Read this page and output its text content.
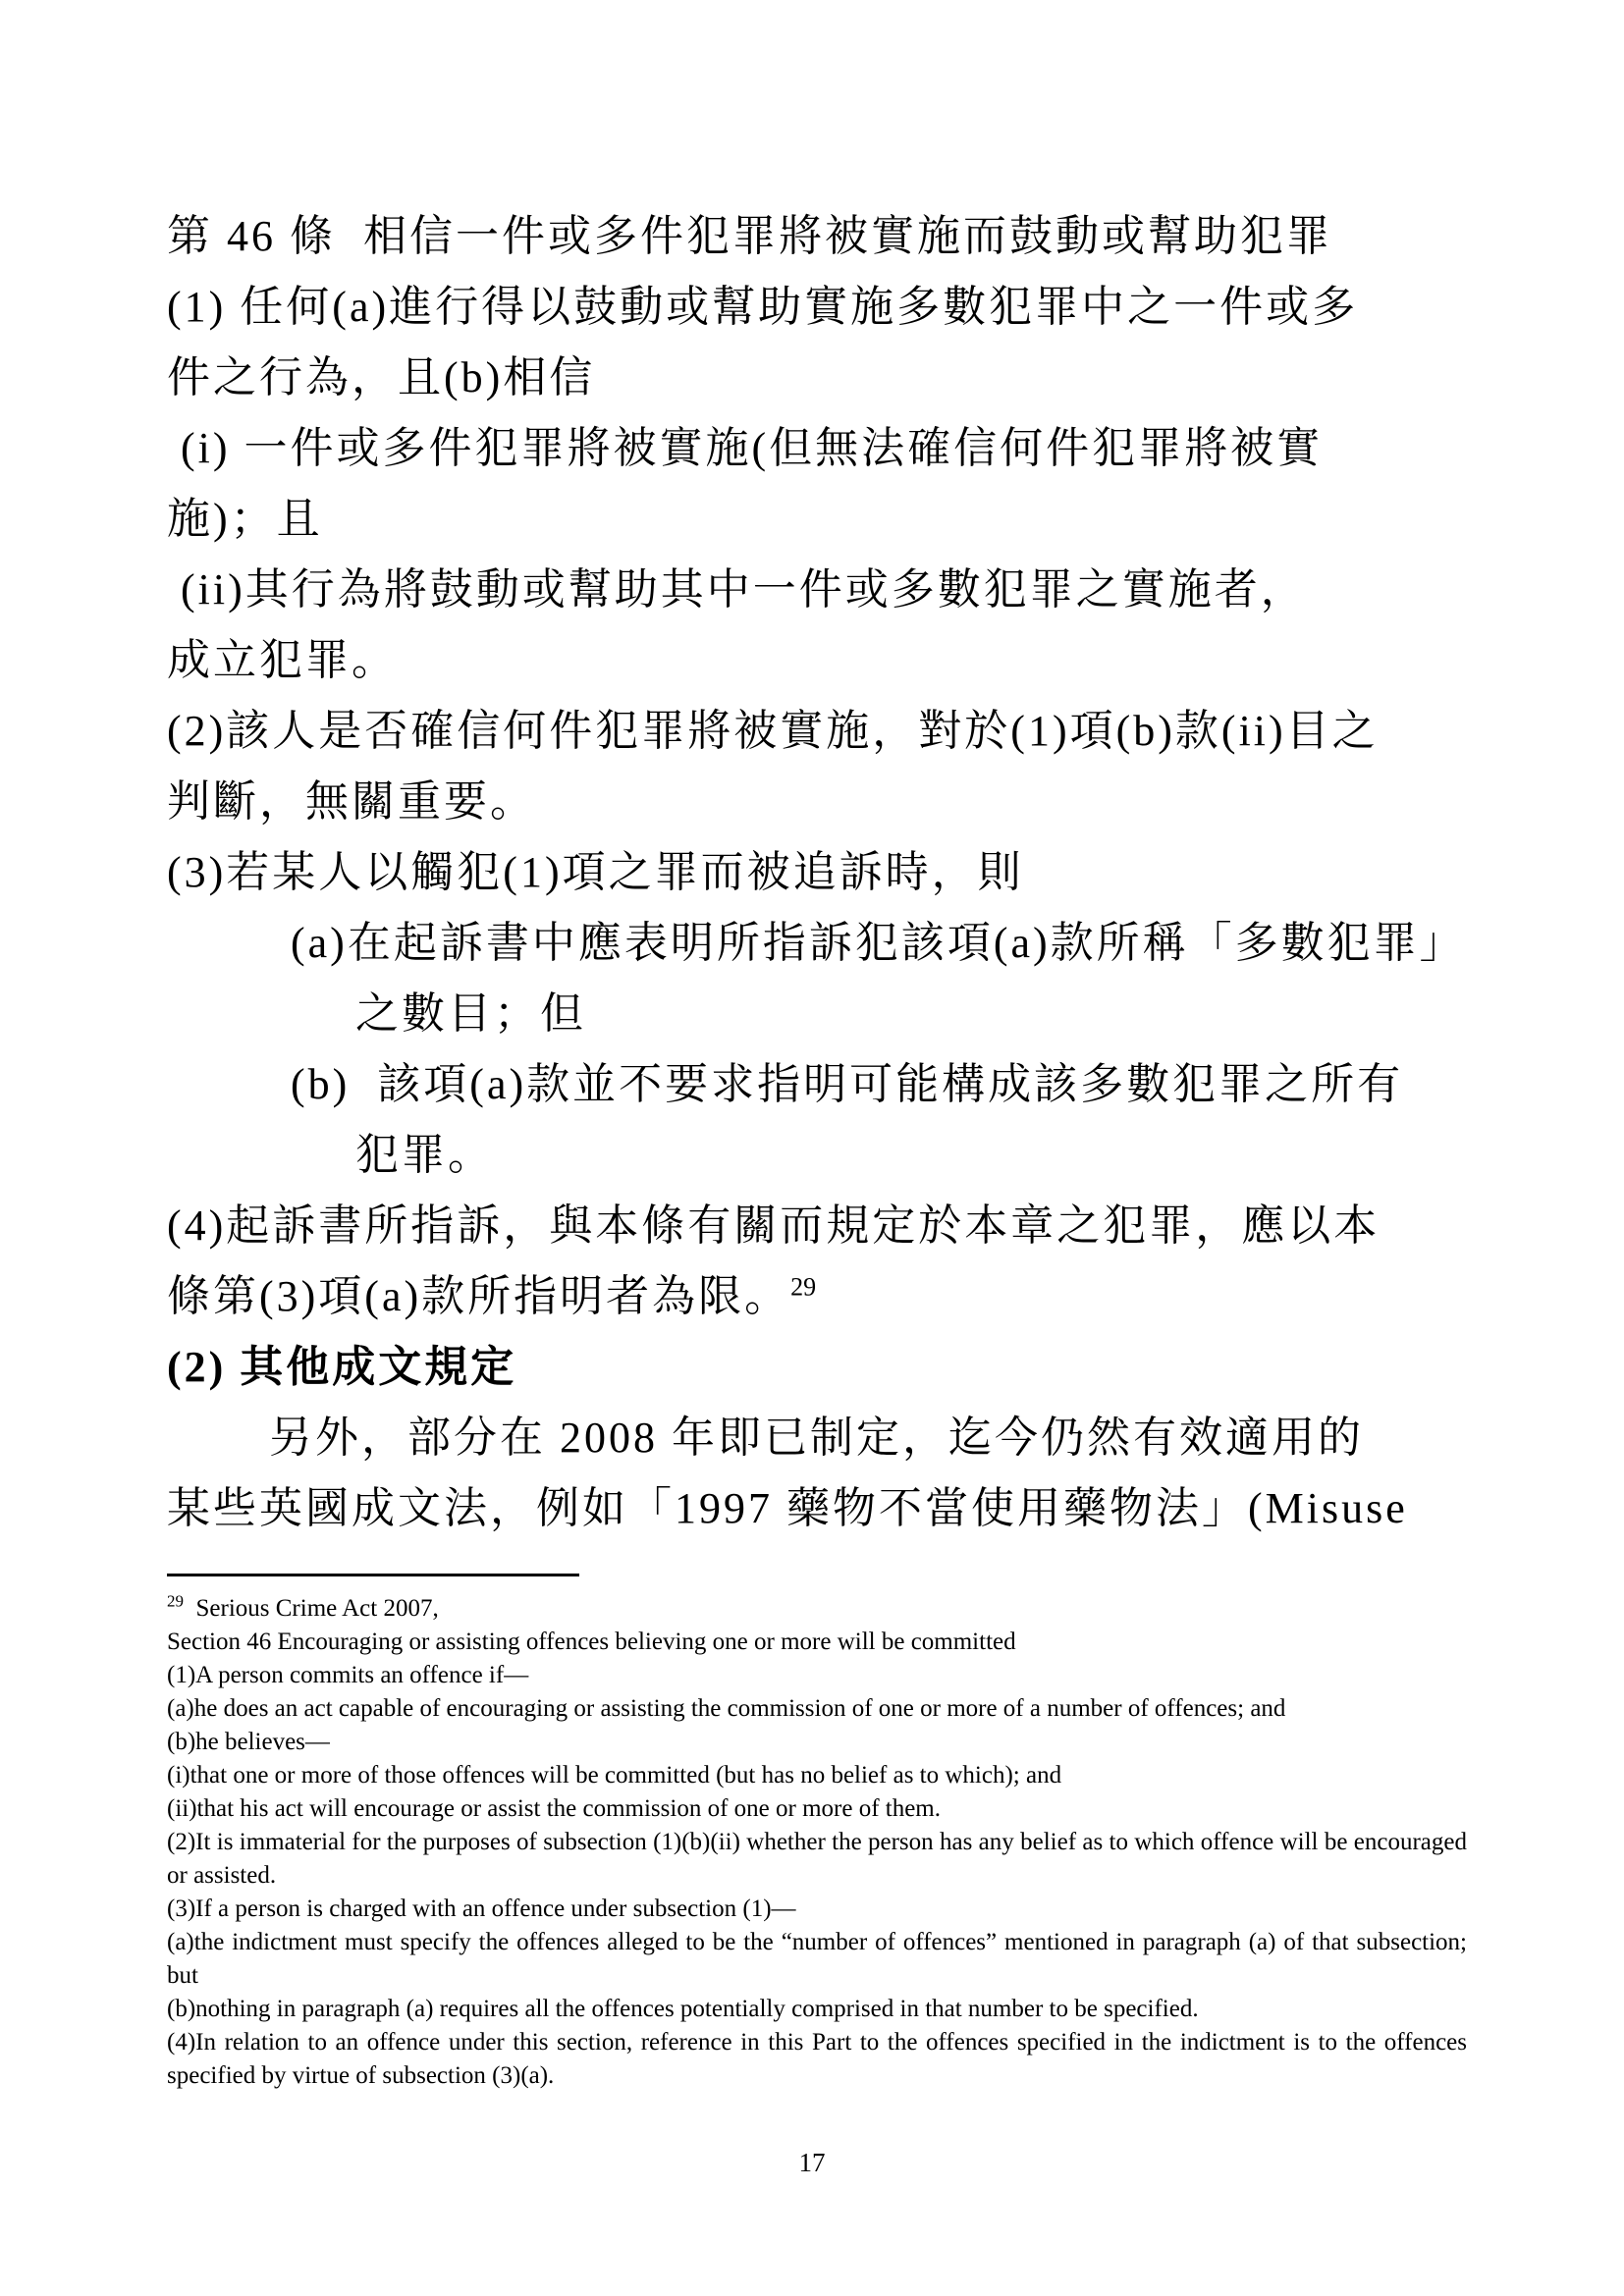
第 46 條  相信一件或多件犯罪將被實施而鼓動或幫助犯罪
(1) 任何(a)進行得以鼓動或幫助實施多數犯罪中之一件或多
件之行為，且(b)相信
(i) 一件或多件犯罪將被實施(但無法確信何件犯罪將被實
施)；且
(ii)其行為將鼓動或幫助其中一件或多數犯罪之實施者，
成立犯罪。
(2)該人是否確信何件犯罪將被實施，對於(1)項(b)款(ii)目之
判斷，無關重要。
(3)若某人以觸犯(1)項之罪而被追訴時，則
(a)在起訴書中應表明所指訴犯該項(a)款所稱「多數犯罪」
之數目；但
(b)  該項(a)款並不要求指明可能構成該多數犯罪之所有
犯罪。
(4)起訴書所指訴，與本條有關而規定於本章之犯罪，應以本
條第(3)項(a)款所指明者為限。$^{29}$
(2) 其他成文規定
另外，部分在 2008 年即已制定，迄今仍然有效適用的
某些英國成文法，例如「1997 藥物不當使用藥物法」(Misuse

$^{29}$ Serious Crime Act 2007,

Section 46 Encouraging or assisting offences believing one or more will be committed

(1)A person commits an offence if—

(a)he does an act capable of encouraging or assisting the commission of one or more of a number of offences; and

(b)he believes—

(i)that one or more of those offences will be committed (but has no belief as to which); and

(ii)that his act will encourage or assist the commission of one or more of them.

(2)It is immaterial for the purposes of subsection (1)(b)(ii) whether the person has any belief as to which offence will be encouraged or assisted.

(3)If a person is charged with an offence under subsection (1)—

(a)the indictment must specify the offences alleged to be the “number of offences” mentioned in paragraph (a) of that subsection; but

(b)nothing in paragraph (a) requires all the offences potentially comprised in that number to be specified.

(4)In relation to an offence under this section, reference in this Part to the offences specified in the indictment is to the offences specified by virtue of subsection (3)(a).

17
